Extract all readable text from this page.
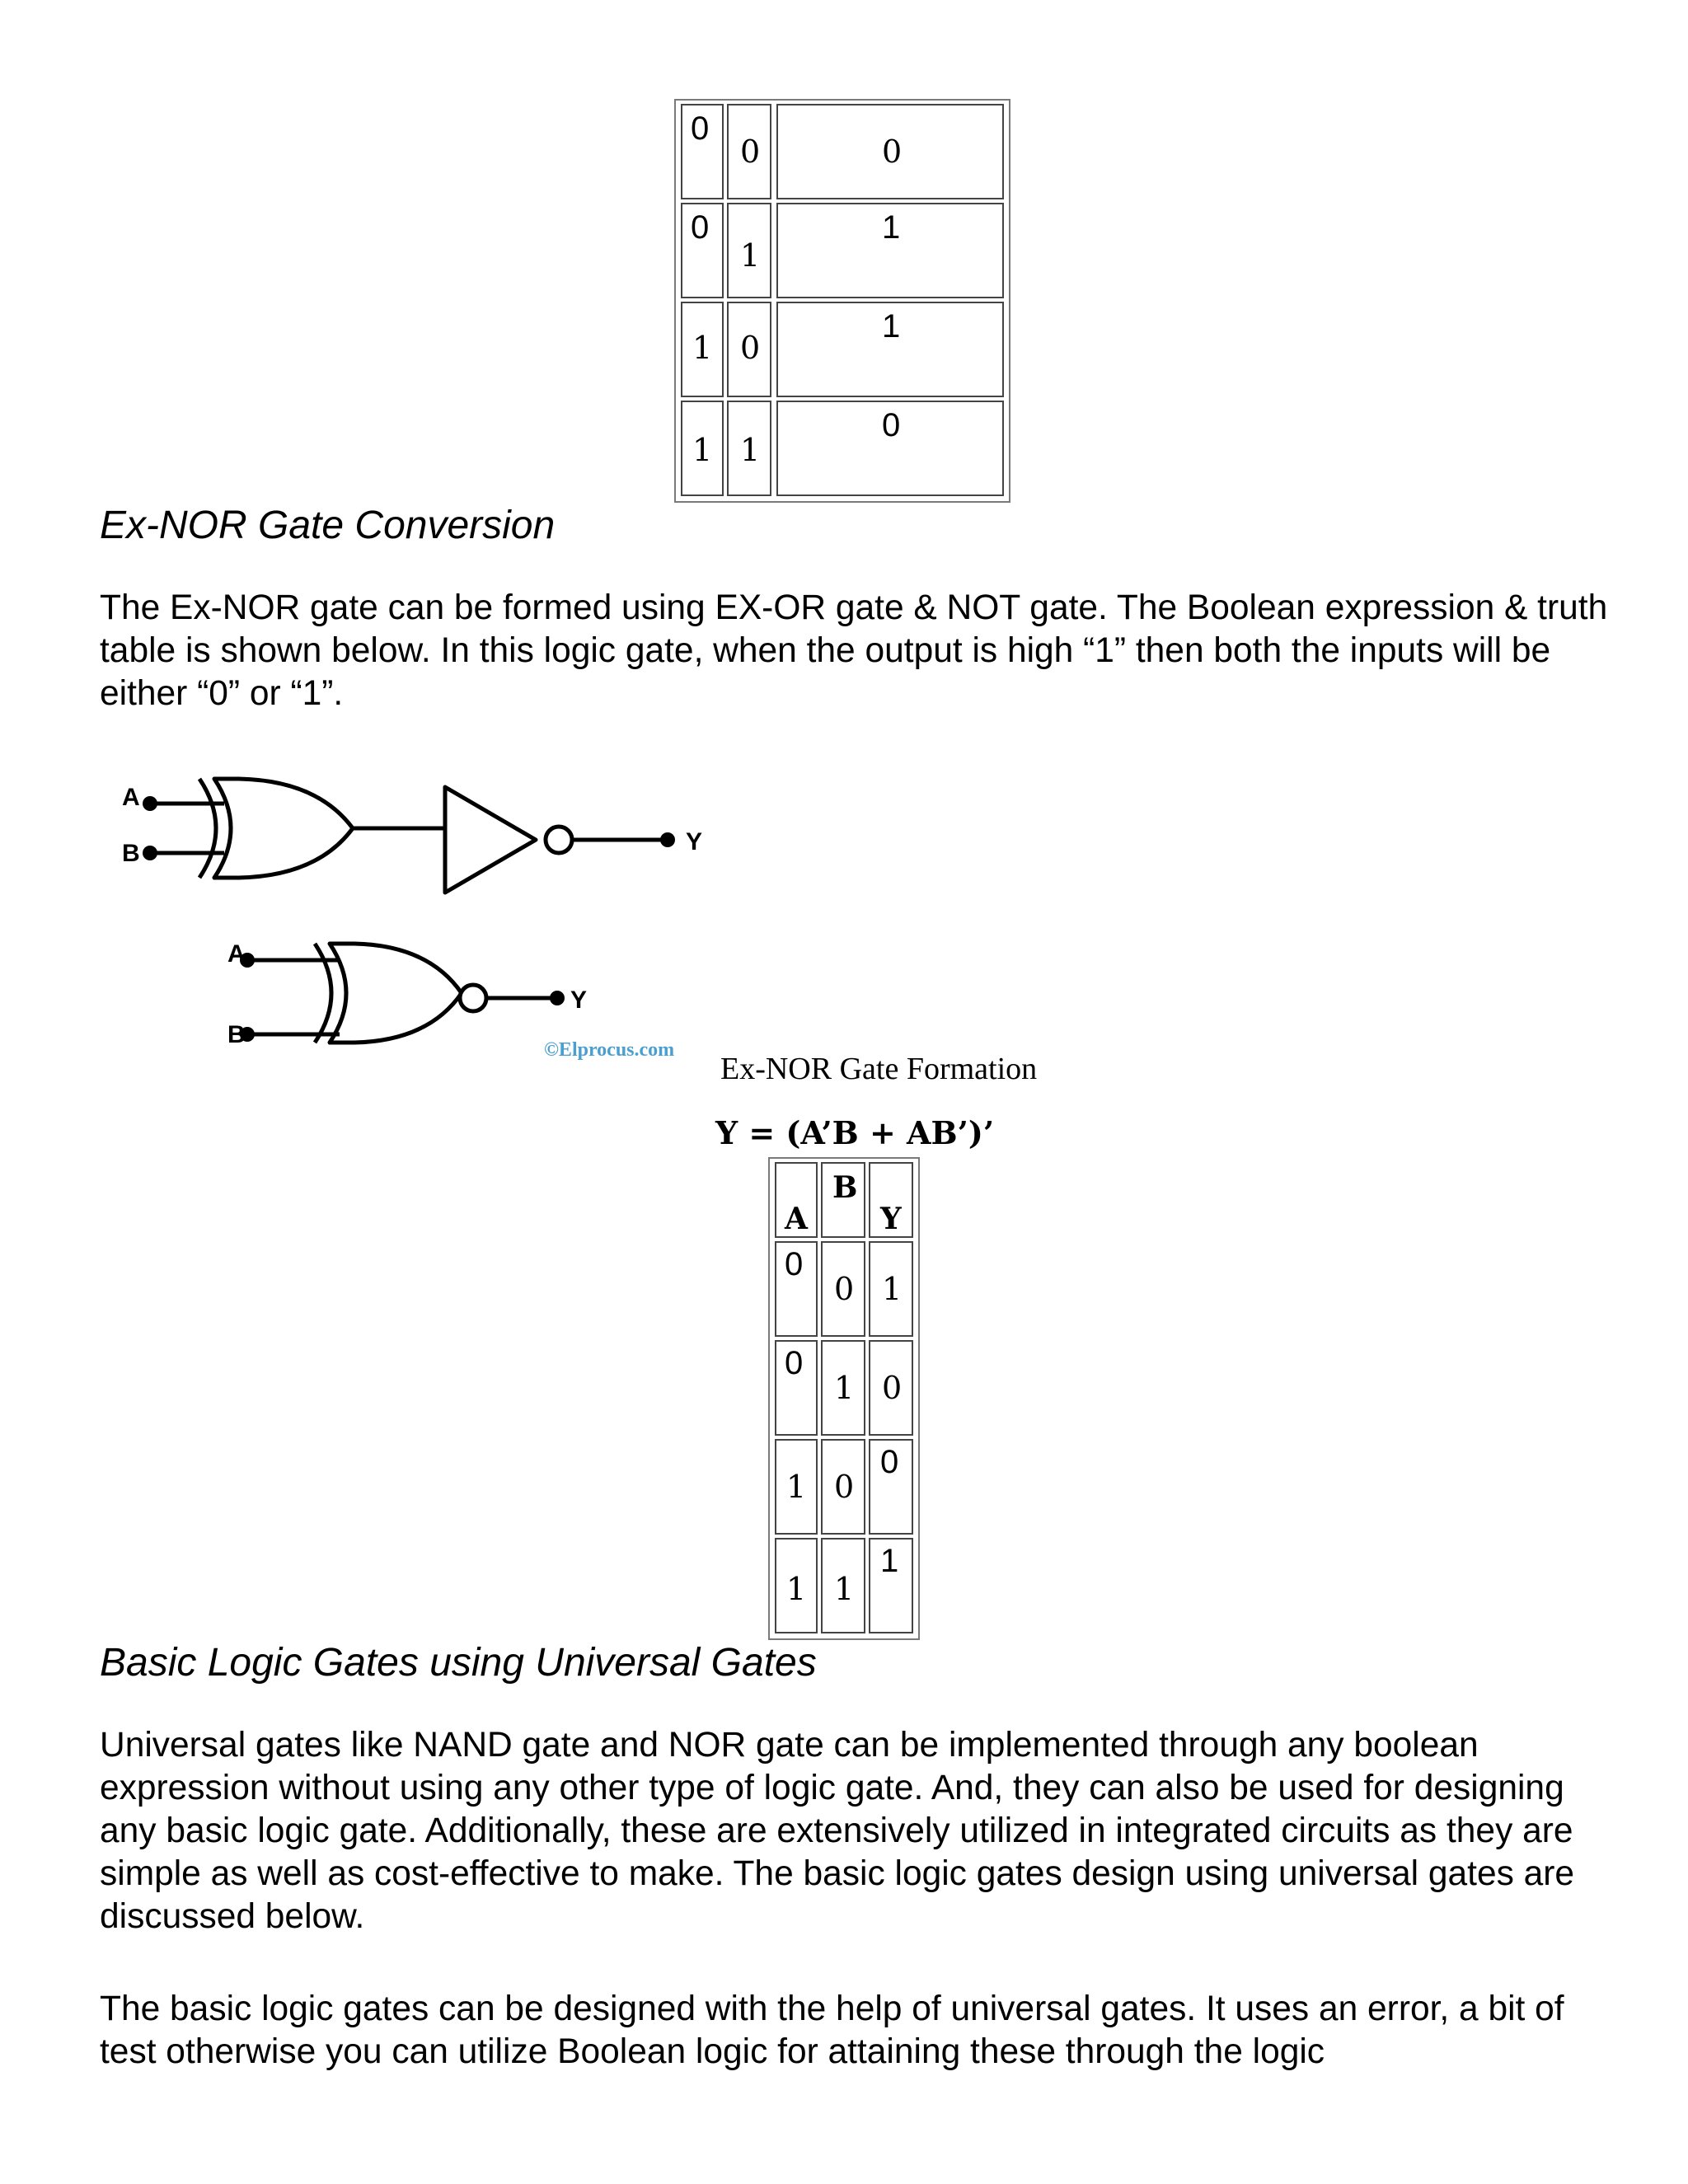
0
0	0
0
1
1
1 0
1
1 1
0
Ex-NOR Gate Conversion

The Ex-NOR gate can be formed using EX-OR gate & NOT gate. The Boolean expression & truth table is shown below. In this logic gate, when the output is high “1” then both the inputs will be either “0” or “1”.

A
B	Y
A
B
Y
©Elprocus.com
Ex-NOR Gate Formation
Y = (A’B + AB’)’
A
B
Y
0
0 1
0
1 0
1 0
0
1 1
1
Basic Logic Gates using Universal Gates

Universal gates like NAND gate and NOR gate can be implemented through any boolean expression without using any other type of logic gate. And, they can also be used for designing any basic logic gate. Additionally, these are extensively utilized in integrated circuits as they are simple as well as cost-effective to make. The basic logic gates design using universal gates are discussed below.

The basic logic gates can be designed with the help of universal gates. It uses an error, a bit of test otherwise you can utilize Boolean logic for attaining these through the logic
